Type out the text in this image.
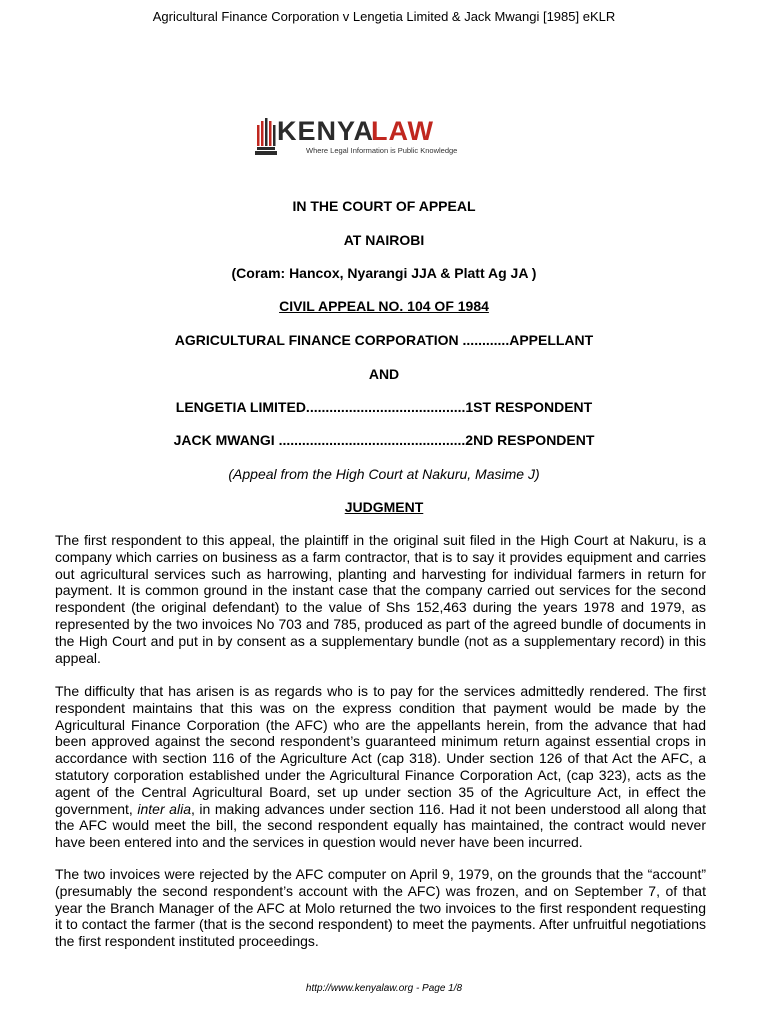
Agricultural Finance Corporation v Lengetia Limited & Jack Mwangi [1985] eKLR
KENYA
LAW
Where Legal Information is Public Knowledge
IN THE COURT OF APPEAL
AT NAIROBI
(Coram: Hancox, Nyarangi JJA & Platt Ag JA )
CIVIL APPEAL NO. 104 OF 1984
AGRICULTURAL FINANCE CORPORATION ............APPELLANT
AND
LENGETIA LIMITED.........................................1ST RESPONDENT
JACK MWANGI ................................................2ND RESPONDENT
(Appeal from the High Court at Nakuru, Masime J)
JUDGMENT

The first respondent to this appeal, the plaintiff in the original suit filed in the High Court at Nakuru, is a company which carries on business as a farm contractor, that is to say it provides equipment and carries out agricultural services such as harrowing, planting and harvesting for individual farmers in return for payment. It is common ground in the instant case that the company carried out services for the second respondent (the original defendant) to the value of Shs 152,463 during the years 1978 and 1979, as represented by the two invoices No 703 and 785, produced as part of the agreed bundle of documents in the High Court and put in by consent as a supplementary bundle (not as a supplementary record) in this appeal.

The difficulty that has arisen is as regards who is to pay for the services admittedly rendered. The first respondent maintains that this was on the express condition that payment would be made by the Agricultural Finance Corporation (the AFC) who are the appellants herein, from the advance that had been approved against the second respondent’s guaranteed minimum return against essential crops in accordance with section 116 of the Agriculture Act (cap 318). Under section 126 of that Act the AFC, a statutory corporation established under the Agricultural Finance Corporation Act, (cap 323), acts as the agent of the Central Agricultural Board, set up under section 35 of the Agriculture Act, in effect the government, inter alia, in making advances under section 116. Had it not been understood all along that the AFC would meet the bill, the second respondent equally has maintained, the contract would never have been entered into and the services in question would never have been incurred.

The two invoices were rejected by the AFC computer on April 9, 1979, on the grounds that the “account” (presumably the second respondent’s account with the AFC) was frozen, and on September 7, of that year the Branch Manager of the AFC at Molo returned the two invoices to the first respondent requesting it to contact the farmer (that is the second respondent) to meet the payments. After unfruitful negotiations the first respondent instituted proceedings.

http://www.kenyalaw.org - Page 1/8
